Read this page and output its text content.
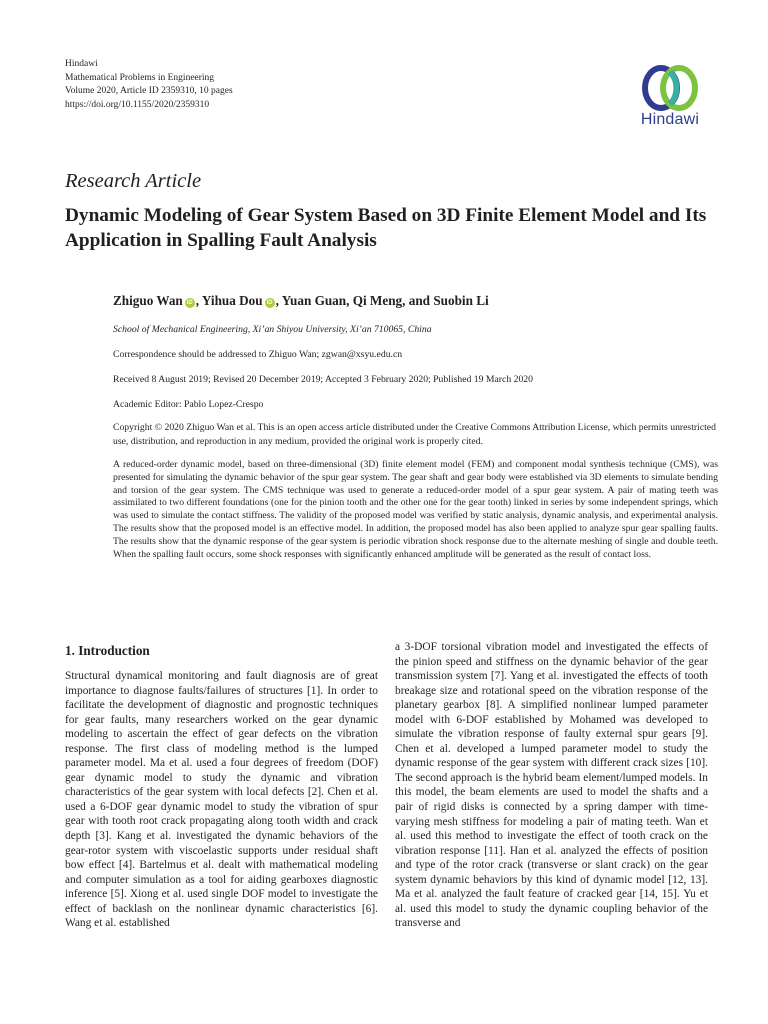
Hindawi
Mathematical Problems in Engineering
Volume 2020, Article ID 2359310, 10 pages
https://doi.org/10.1155/2020/2359310
Hindawi
Research Article
Dynamic Modeling of Gear System Based on 3D Finite Element Model and Its Application in Spalling Fault Analysis
Zhiguo Wan iD , Yihua Dou iD , Yuan Guan, Qi Meng, and Suobin Li
School of Mechanical Engineering, Xi’an Shiyou University, Xi’an 710065, China
Correspondence should be addressed to Zhiguo Wan; zgwan@xsyu.edu.cn
Received 8 August 2019; Revised 20 December 2019; Accepted 3 February 2020; Published 19 March 2020
Academic Editor: Pablo Lopez-Crespo
Copyright © 2020 Zhiguo Wan et al. This is an open access article distributed under the Creative Commons Attribution License, which permits unrestricted use, distribution, and reproduction in any medium, provided the original work is properly cited.

A reduced-order dynamic model, based on three-dimensional (3D) finite element model (FEM) and component modal synthesis technique (CMS), was presented for simulating the dynamic behavior of the spur gear system. The gear shaft and gear body were established via 3D elements to simulate bending and torsion of the gear system. The CMS technique was used to generate a reduced-order model of a spur gear system. A pair of mating teeth was assimilated to two different foundations (one for the pinion tooth and the other one for the gear tooth) linked in series by some independent springs, which was used to simulate the contact stiffness. The validity of the proposed model was verified by static analysis, dynamic analysis, and experimental analysis. The results show that the proposed model is an effective model. In addition, the proposed model has also been applied to analyze spur gear spalling faults. The results show that the dynamic response of the gear system is periodic vibration shock response due to the alternate meshing of single and double teeth. When the spalling fault occurs, some shock responses with significantly enhanced amplitude will be generated as the result of contact loss.

1. Introduction

Structural dynamical monitoring and fault diagnosis are of great importance to diagnose faults/failures of structures [1]. In order to facilitate the development of diagnostic and prognostic techniques for gear faults, many researchers worked on the gear dynamic modeling to ascertain the effect of gear defects on the vibration response. The first class of modeling method is the lumped parameter model. Ma et al. used a four degrees of freedom (DOF) gear dynamic model to study the dynamic and vibration characteristics of the gear system with local defects [2]. Chen et al. used a 6-DOF gear dynamic model to study the vibration of spur gear with tooth root crack propagating along tooth width and crack depth [3]. Kang et al. investigated the dynamic behaviors of the gear-rotor system with viscoelastic supports under residual shaft bow effect [4]. Bartelmus et al. dealt with mathematical modeling and computer simulation as a tool for aiding gearboxes diagnostic inference [5]. Xiong et al. used single DOF model to investigate the effect of backlash on the nonlinear dynamic characteristics [6]. Wang et al. established

a 3-DOF torsional vibration model and investigated the effects of the pinion speed and stiffness on the dynamic behavior of the gear transmission system [7]. Yang et al. investigated the effects of tooth breakage size and rotational speed on the vibration response of the planetary gearbox [8]. A simplified nonlinear lumped parameter model with 6-DOF established by Mohamed was developed to simulate the vibration response of faulty external spur gears [9]. Chen et al. developed a lumped parameter model to study the dynamic response of the gear system with different crack sizes [10]. The second approach is the hybrid beam element/lumped models. In this model, the beam elements are used to model the shafts and a pair of rigid disks is connected by a spring damper with time-varying mesh stiffness for modeling a pair of mating teeth. Wan et al. used this method to investigate the effect of tooth crack on the vibration response [11]. Han et al. analyzed the effects of position and type of the rotor crack (transverse or slant crack) on the gear system dynamic behaviors by this kind of dynamic model [12, 13]. Ma et al. analyzed the fault feature of cracked gear [14, 15]. Yu et al. used this model to study the dynamic coupling behavior of the transverse and
